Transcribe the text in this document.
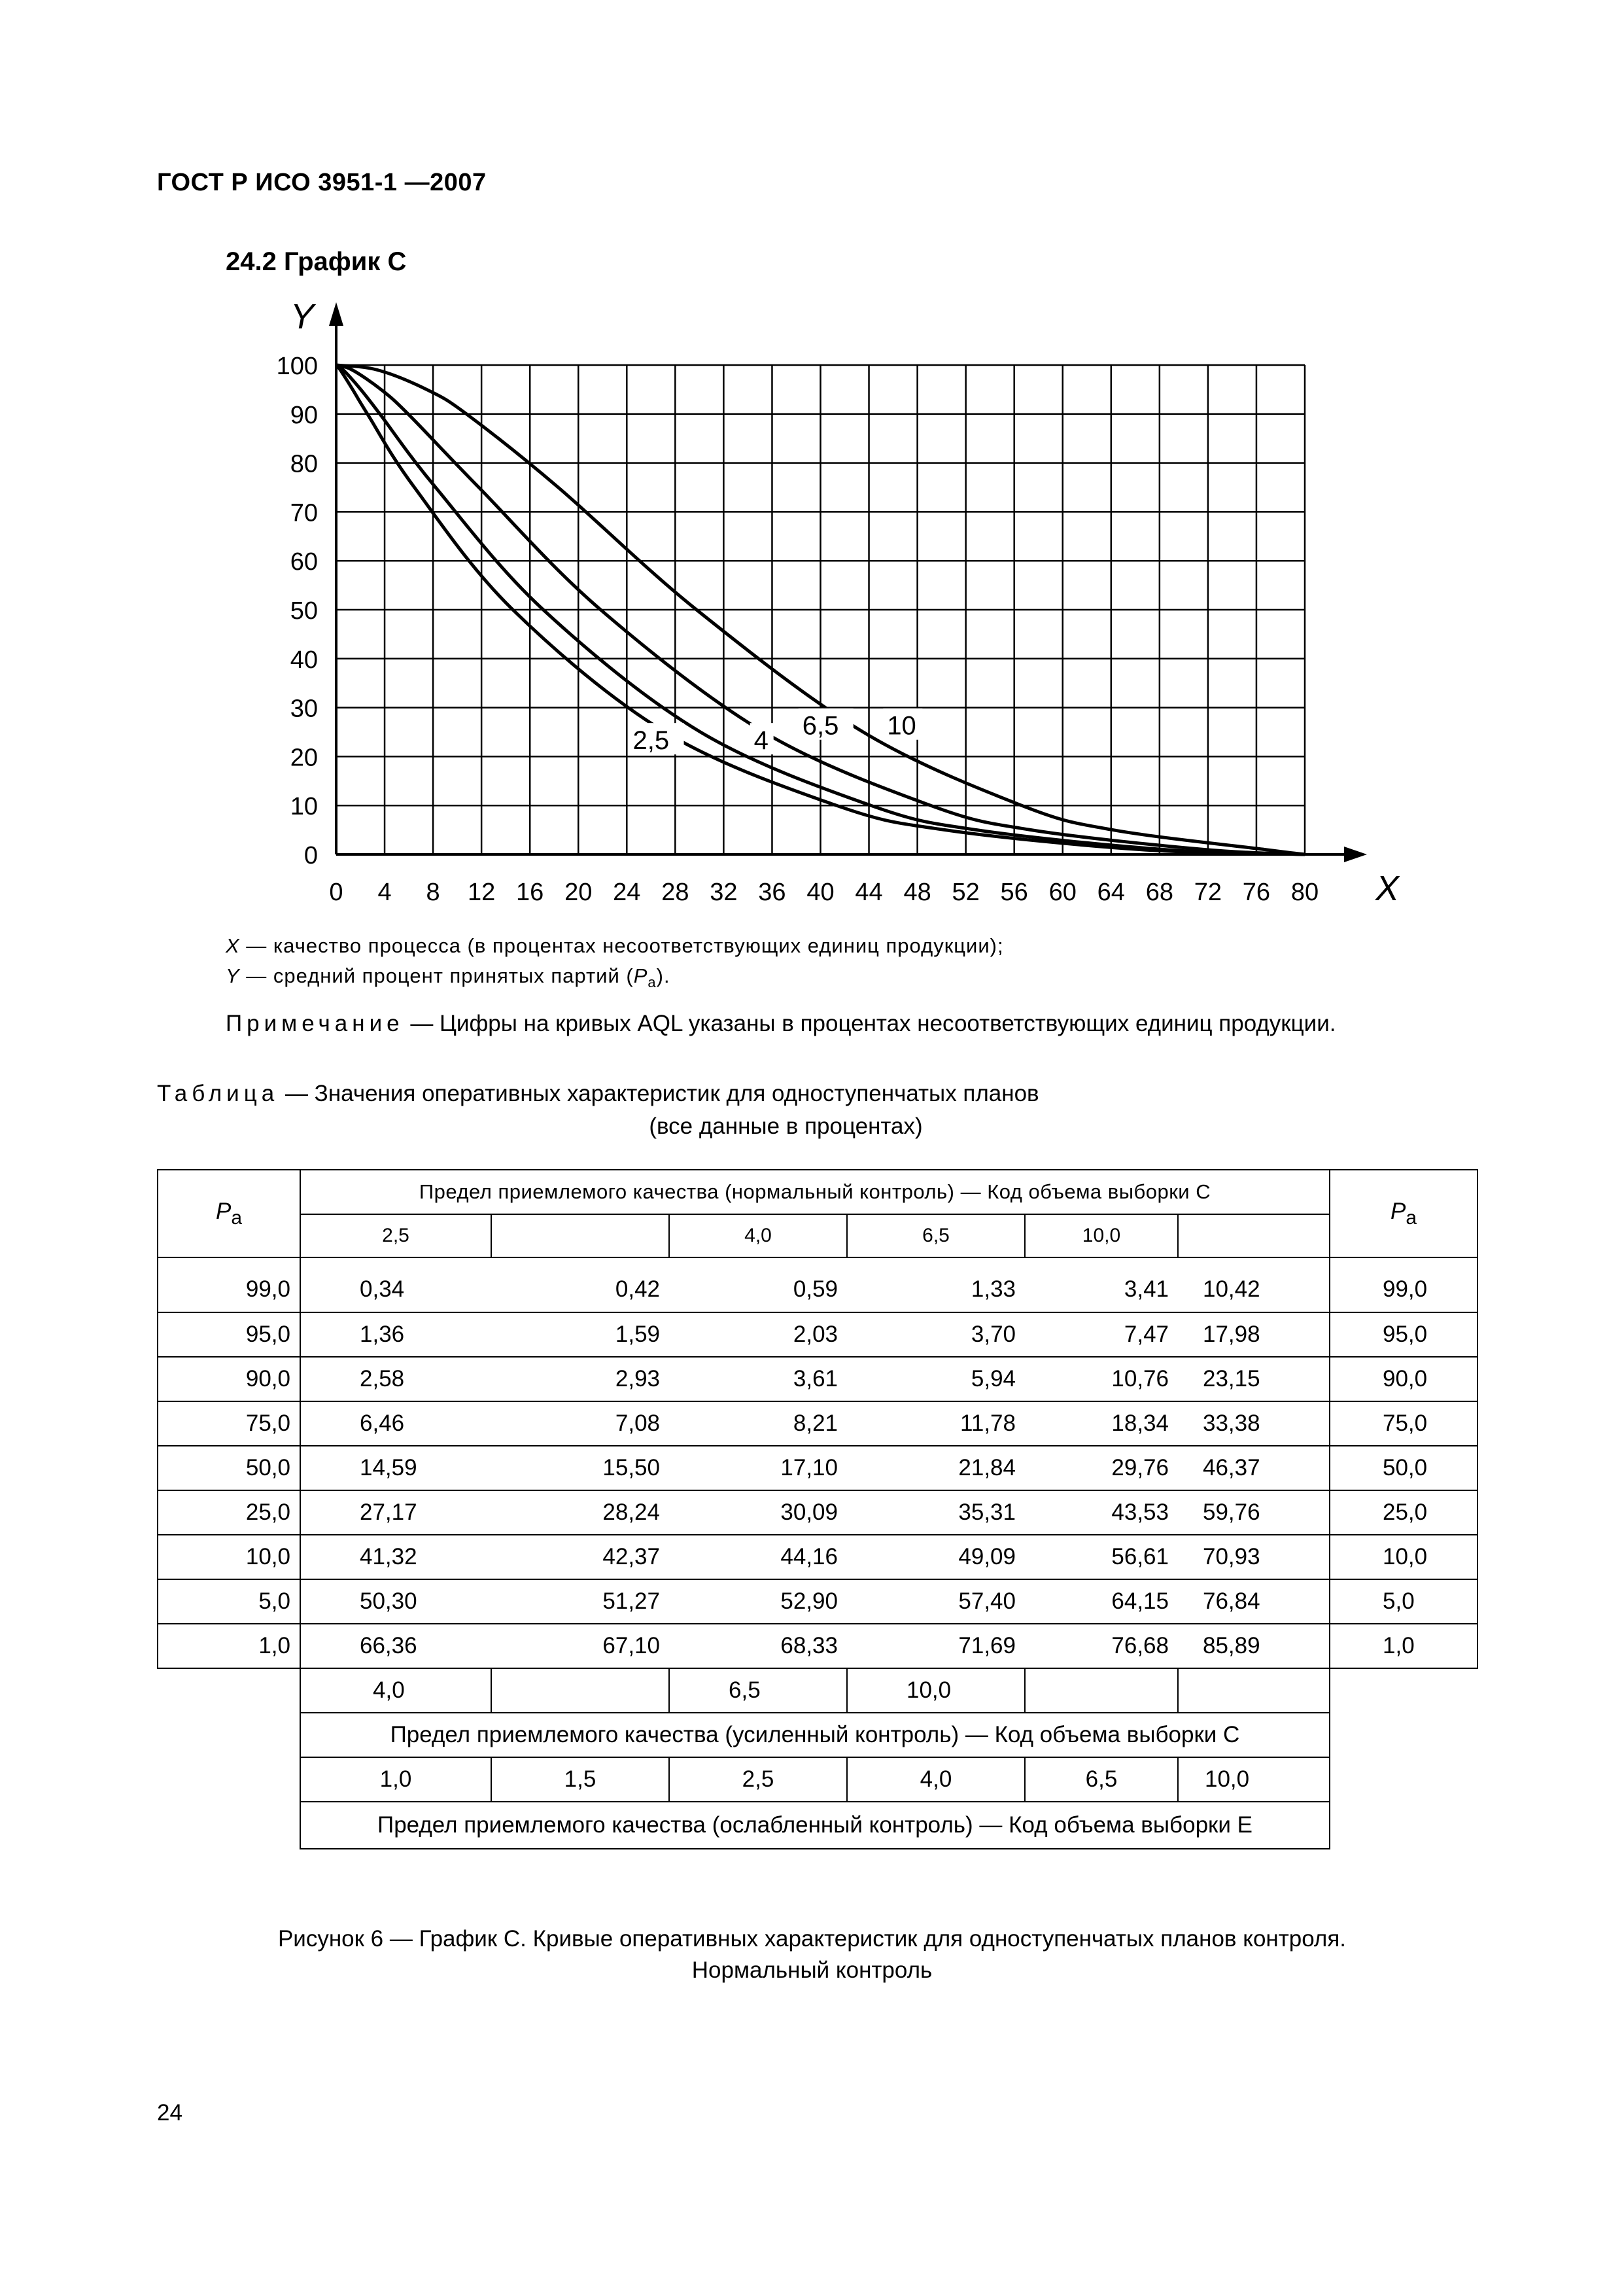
ГОСТ Р ИСО 3951-1 —2007
24.2 График С
X
Y
0
10
20
30
40
50
60
70
80
90
100
0 4 8 12 16 20 24 28 32 36 40 44 48 52 56 60 64 68 72 76 80
2,5	4
6,5 10
X — качество процесса (в процентах несоответствующих единиц продукции);
Y — средний процент принятых партий $(P_a)$.
Примечание — Цифры на кривых AQL указаны в процентах несоответствующих единиц продукции.
Таблица — Значения оперативных характеристик для одноступенчатых планов
(все данные в процентах)
$P_a$	Предел приемлемого качества (нормальный контроль) — Код объема выборки С						$P_a$
	2,5		4,0	6,5	10,0		
99,0	0,34	0,42	0,59	1,33	3,41	10,42	99,0
95,0	1,36	1,59	2,03	3,70	7,47	17,98	95,0
90,0	2,58	2,93	3,61	5,94	10,76	23,15	90,0
75,0	6,46	7,08	8,21	11,78	18,34	33,38	75,0
50,0	14,59	15,50	17,10	21,84	29,76	46,37	50,0
25,0	27,17	28,24	30,09	35,31	43,53	59,76	25,0
10,0	41,32	42,37	44,16	49,09	56,61	70,93	10,0
5,0	50,30	51,27	52,90	57,40	64,15	76,84	5,0
1,0	66,36	67,10	68,33	71,69	76,68	85,89	1,0
	4,0		6,5	10,0			
	Предел приемлемого качества (усиленный контроль) — Код объема выборки С						
	1,0	1,5	2,5	4,0	6,5	10,0	
	Предел приемлемого качества (ослабленный контроль) — Код объема выборки Е						
Рисунок 6 — График С. Кривые оперативных характеристик для одноступенчатых планов контроля.
Нормальный контроль
24
